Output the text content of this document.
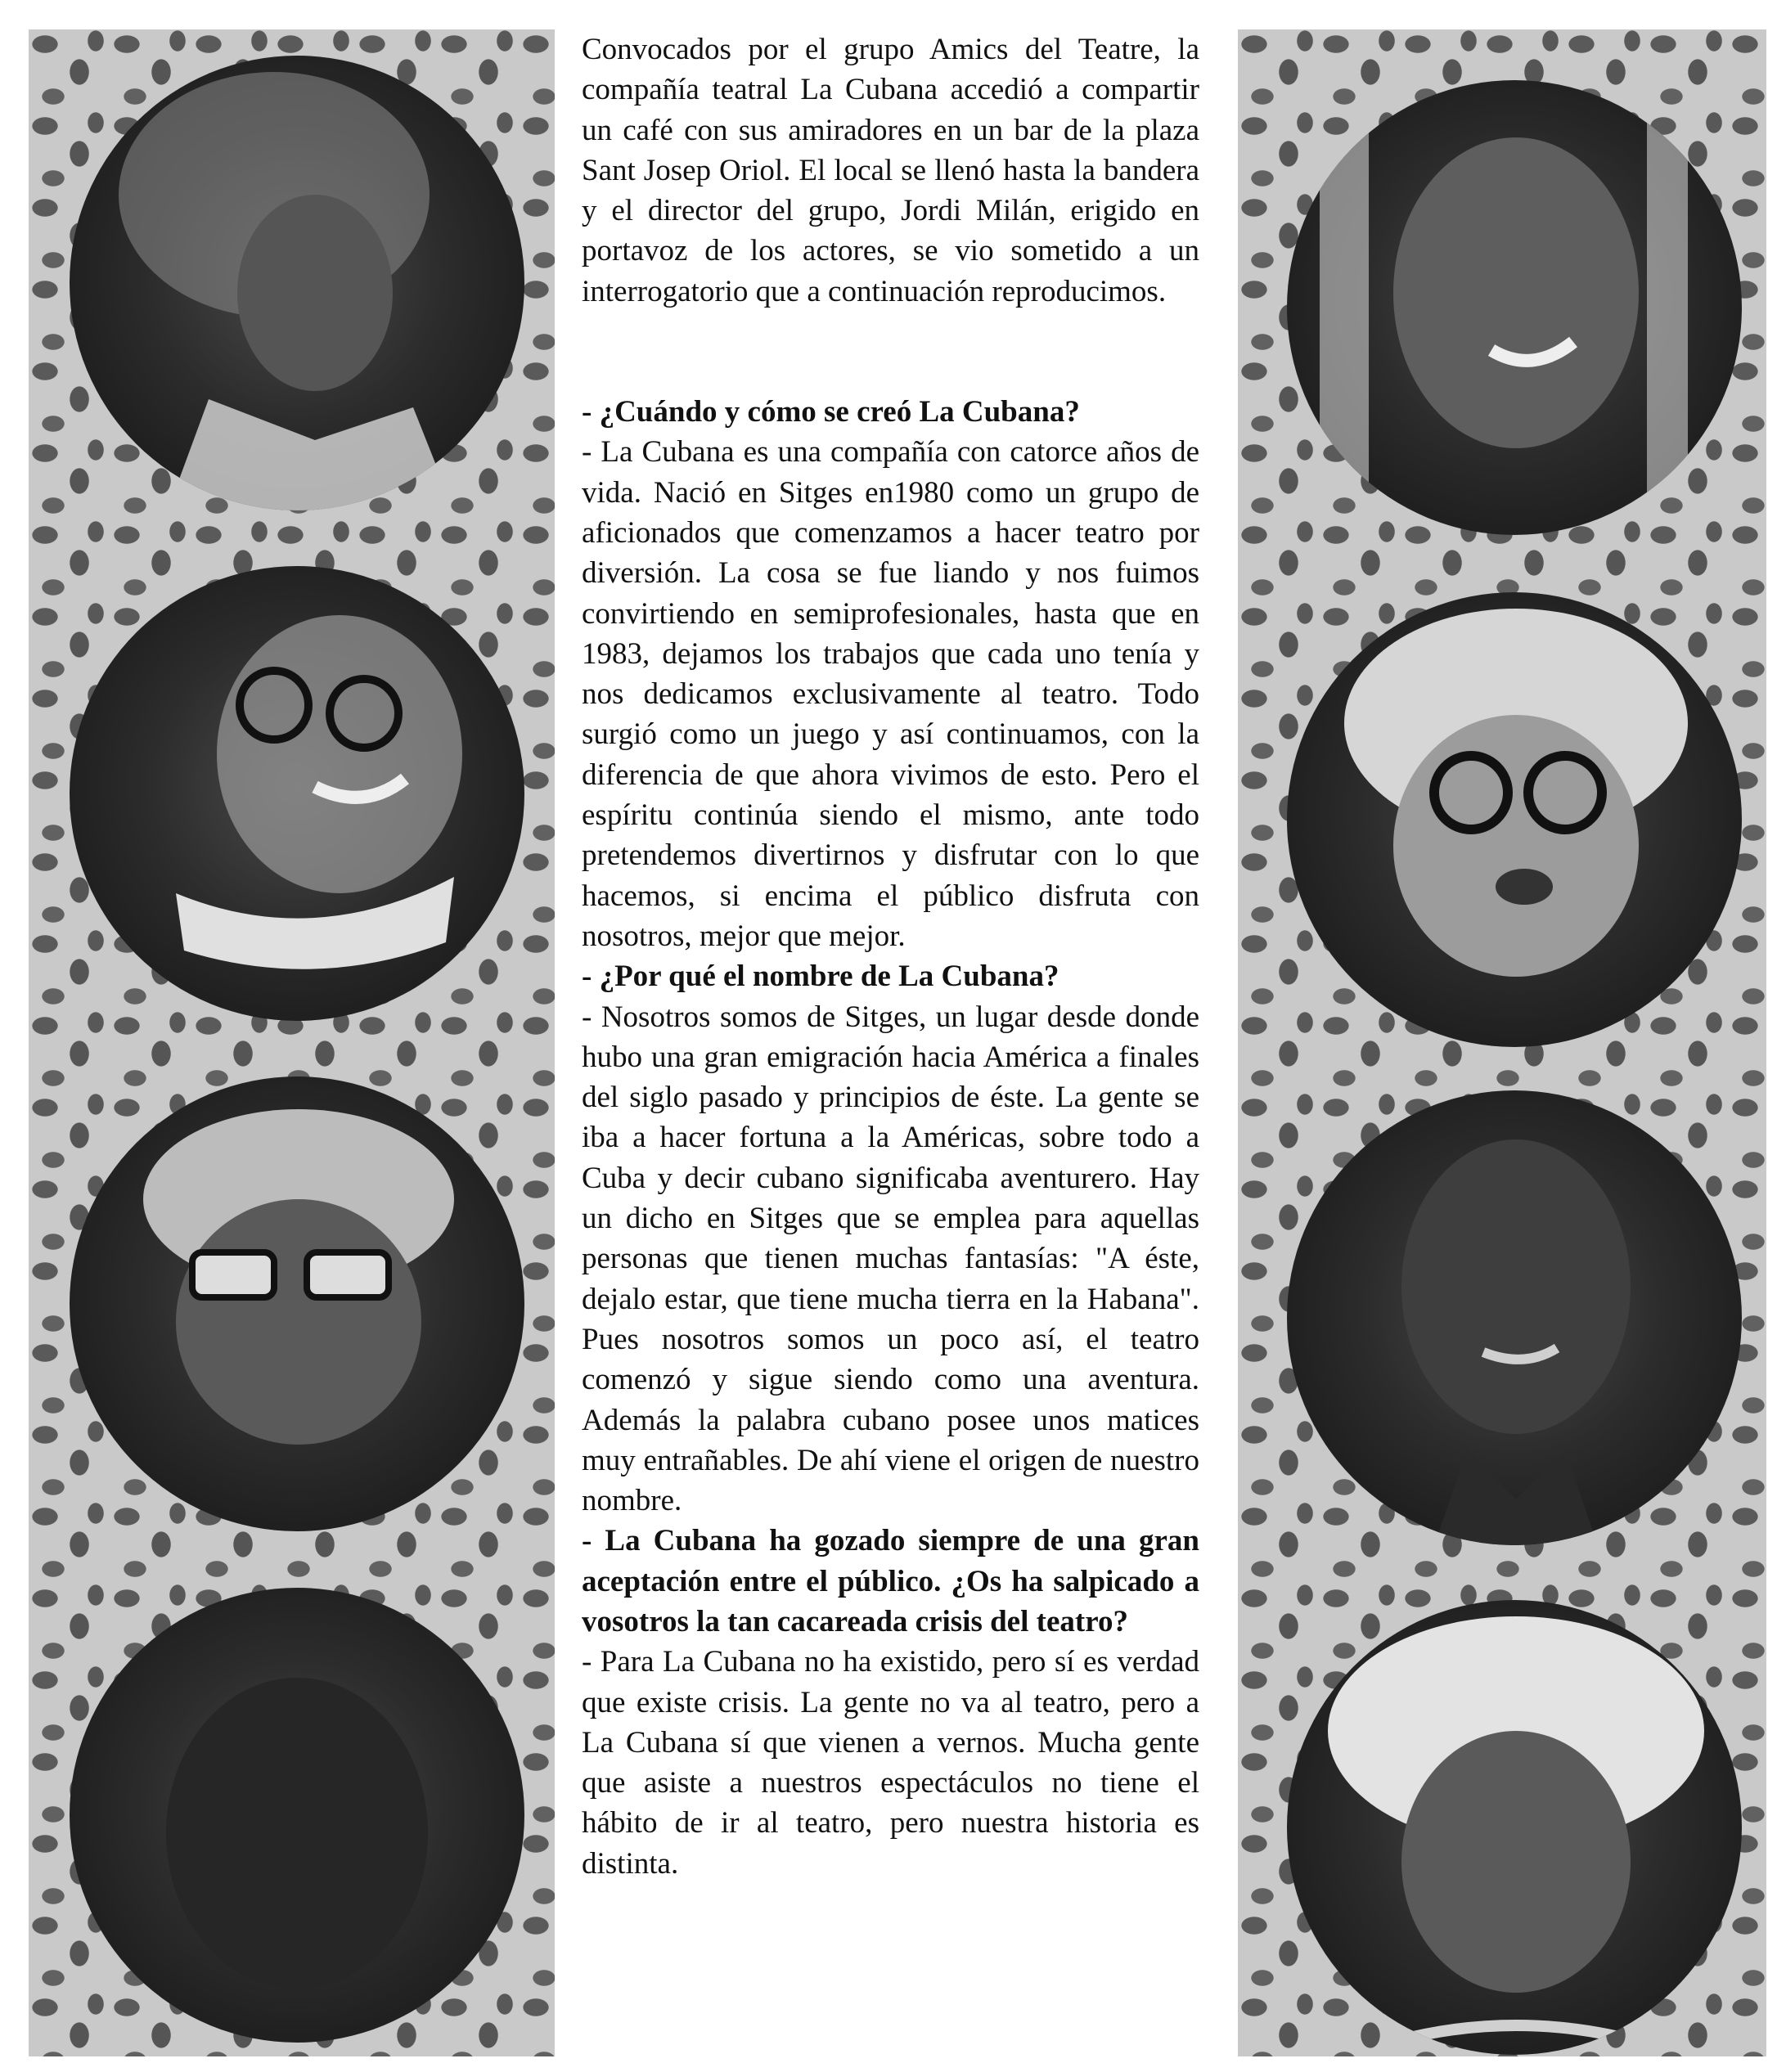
Convocados por el grupo Amics del Teatre, la compañía teatral La Cubana accedió a compartir un café con sus amiradores en un bar de la plaza Sant Josep Oriol. El local se llenó hasta la bandera y el director del grupo, Jordi Milán, erigido en portavoz de los actores, se vio sometido a un interrogatorio que a continuación reproducimos.

- ¿Cuándo y cómo se creó La Cubana?

- La Cubana es una compañía con catorce años de vida. Nació en Sitges en1980 como un grupo de aficionados que comenzamos a hacer teatro por diversión. La cosa se fue liando y nos fuimos convirtiendo en semiprofesionales, hasta que en 1983, dejamos los trabajos que cada uno tenía y nos dedicamos exclusivamente al teatro. Todo surgió como un juego y así continuamos, con la diferencia de que ahora vivimos de esto. Pero el espíritu continúa siendo el mismo, ante todo pretendemos divertirnos y disfrutar con lo que hacemos, si encima el público disfruta con nosotros, mejor que mejor.

- ¿Por qué el nombre de La Cubana?

- Nosotros somos de Sitges, un lugar desde donde hubo una gran emigración hacia América a finales del siglo pasado y principios de éste. La gente se iba a hacer fortuna a la Américas, sobre todo a Cuba y decir cubano significaba aventurero. Hay un dicho en Sitges que se emplea para aquellas personas que tienen muchas fantasías: "A éste, dejalo estar, que tiene mucha tierra en la Habana". Pues nosotros somos un poco así, el teatro comenzó y sigue siendo como una aventura. Además la palabra cubano posee unos matices muy entrañables. De ahí viene el origen de nuestro nombre.

- La Cubana ha gozado siempre de una gran aceptación entre el público. ¿Os ha salpicado a vosotros la tan cacareada crisis del teatro?

- Para La Cubana no ha existido, pero sí es verdad que existe crisis. La gente no va al teatro, pero a La Cubana sí que vienen a vernos. Mucha gente que asiste a nuestros espectáculos no tiene el hábito de ir al teatro, pero nuestra historia es distinta.
